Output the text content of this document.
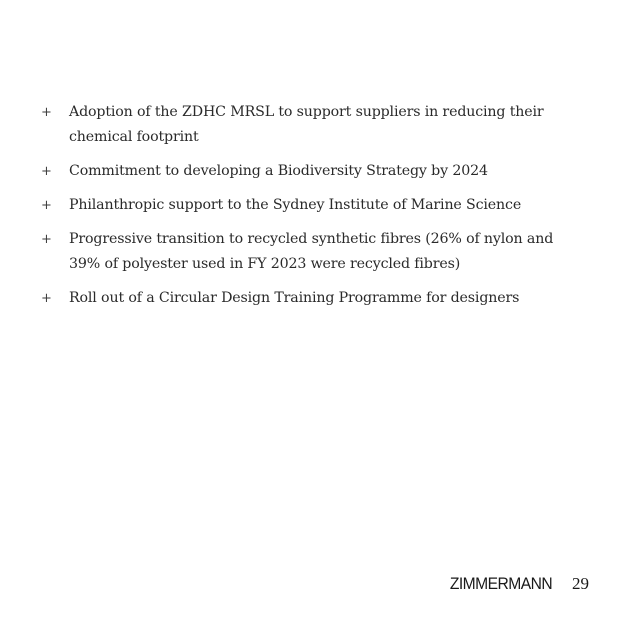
+	Adoption of the ZDHC MRSL to support suppliers in reducing their chemical footprint
+	Commitment to developing a Biodiversity Strategy by 2024
+	Philanthropic support to the Sydney Institute of Marine Science
+	Progressive transition to recycled synthetic fibres (26% of nylon and 39% of polyester used in FY 2023 were recycled fibres)
+	Roll out of a Circular Design Training Programme for designers
ZIMMERMANN 29
